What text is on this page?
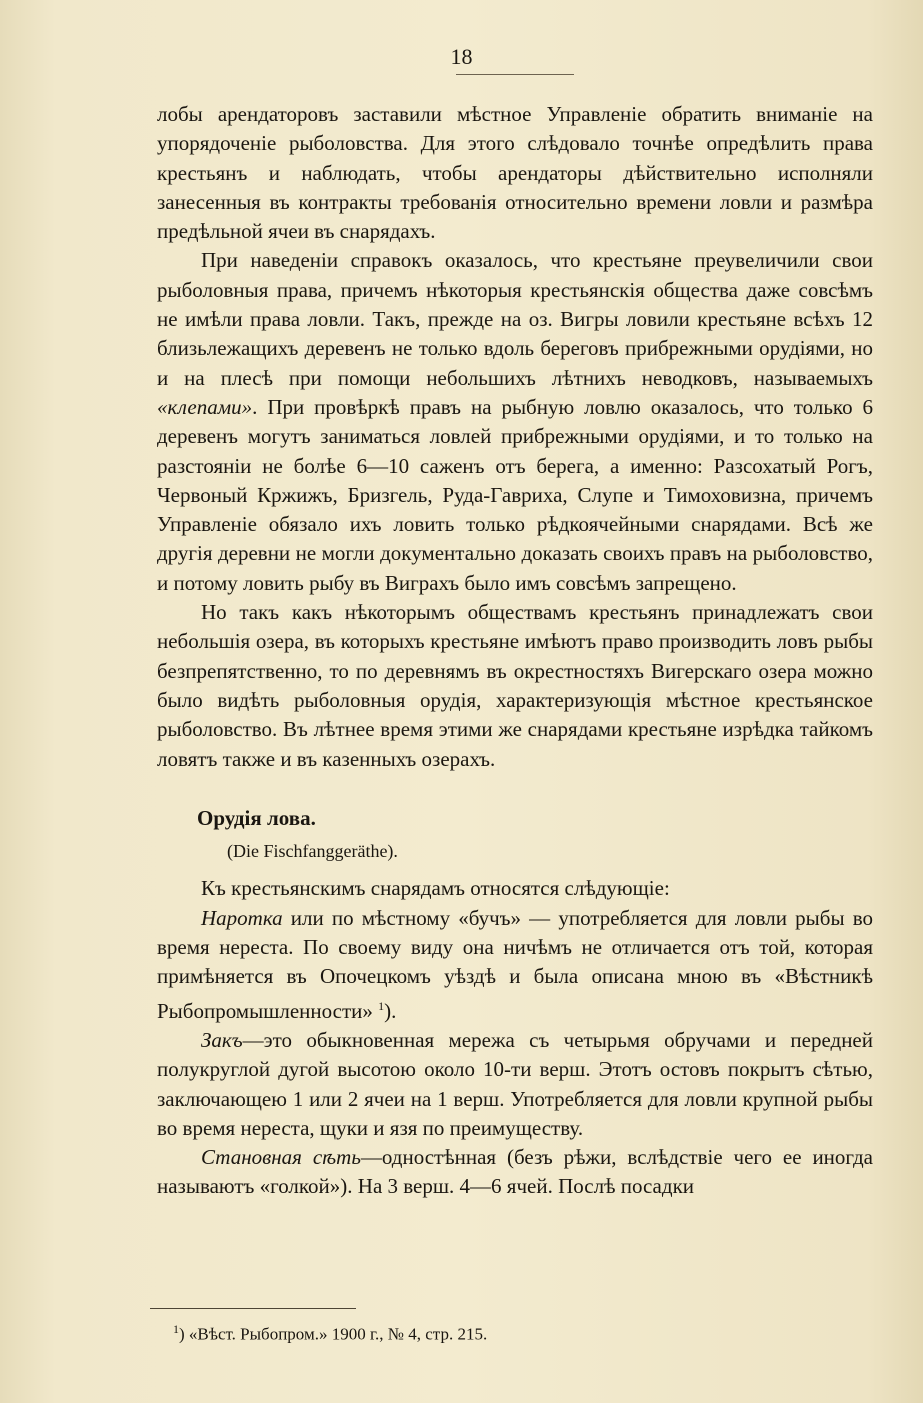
18

лобы арендаторовъ заставили мѣстное Управленіе обратить вниманіе на упорядоченіе рыболовства. Для этого слѣдовало точнѣе опредѣлить права крестьянъ и наблюдать, чтобы арендаторы дѣйствительно исполняли занесенныя въ контракты требованія относительно времени ловли и размѣра предѣльной ячеи въ снарядахъ.

При наведеніи справокъ оказалось, что крестьяне преувеличили свои рыболовныя права, причемъ нѣкоторыя крестьянскія общества даже совсѣмъ не имѣли права ловли. Такъ, прежде на оз. Вигры ловили крестьяне всѣхъ 12 близьлежащихъ деревенъ не только вдоль береговъ прибрежными орудіями, но и на плесѣ при помощи небольшихъ лѣтнихъ неводковъ, называемыхъ «клепами». При провѣркѣ правъ на рыбную ловлю оказалось, что только 6 деревенъ могутъ заниматься ловлей прибрежными орудіями, и то только на разстояніи не болѣе 6—10 саженъ отъ берега, а именно: Разсохатый Рогъ, Червоный Кржижъ, Бризгель, Руда-Гавриха, Слупе и Тимоховизна, причемъ Управленіе обязало ихъ ловить только рѣдкоячейными снарядами. Всѣ же другія деревни не могли документально доказать своихъ правъ на рыболовство, и потому ловить рыбу въ Виграхъ было имъ совсѣмъ запрещено.

Но такъ какъ нѣкоторымъ обществамъ крестьянъ принадлежатъ свои небольшія озера, въ которыхъ крестьяне имѣютъ право производить ловъ рыбы безпрепятственно, то по деревнямъ въ окрестностяхъ Вигерскаго озера можно было видѣть рыболовныя орудія, характеризующія мѣстное крестьянское рыболовство. Въ лѣтнее время этими же снарядами крестьяне изрѣдка тайкомъ ловятъ также и въ казенныхъ озерахъ.

Орудія лова.

(Die Fischfanggeräthe).

Къ крестьянскимъ снарядамъ относятся слѣдующіе:

Наротка или по мѣстному «бучъ» — употребляется для ловли рыбы во время нереста. По своему виду она ничѣмъ не отличается отъ той, которая примѣняется въ Опочецкомъ уѣздѣ и была описана мною въ «Вѣстникѣ Рыбопромышленности» $^1$).

Закъ—это обыкновенная мережа съ четырьмя обручами и передней полукруглой дугой высотою около 10-ти верш. Этотъ остовъ покрытъ сѣтью, заключающею 1 или 2 ячеи на 1 верш. Употребляется для ловли крупной рыбы во время нереста, щуки и язя по преимуществу.

Становная сѣть—одностѣнная (безъ рѣжи, вслѣдствіе чего ее иногда называютъ «голкой»). На 3 верш. 4—6 ячей. Послѣ посадки

$^1$) «Вѣст. Рыбопром.» 1900 г., № 4, стр. 215.
